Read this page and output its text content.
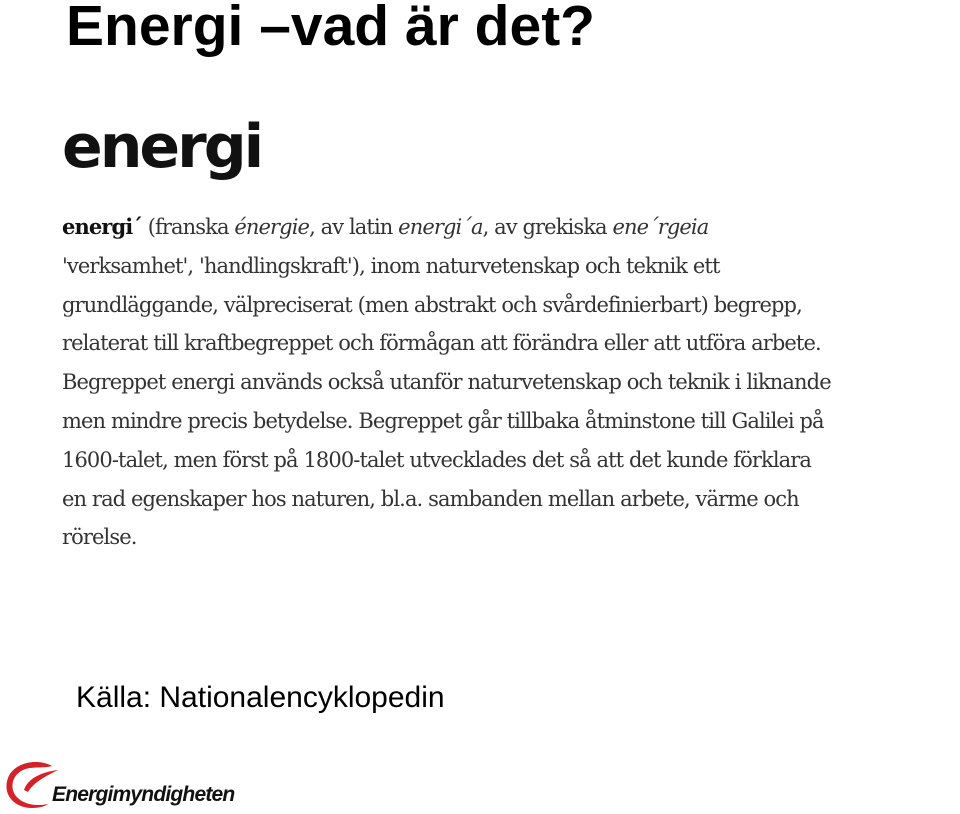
Energi –vad är det?
energi

energi´ (franska énergie, av latin energi´a, av grekiska ene´rgeia
'verksamhet', 'handlingskraft'), inom naturvetenskap och teknik ett
grundläggande, välpreciserat (men abstrakt och svårdefinierbart) begrepp,
relaterat till kraftbegreppet och förmågan att förändra eller att utföra arbete.
Begreppet energi används också utanför naturvetenskap och teknik i liknande
men mindre precis betydelse. Begreppet går tillbaka åtminstone till Galilei på
1600-talet, men först på 1800-talet utvecklades det så att det kunde förklara
en rad egenskaper hos naturen, bl.a. sambanden mellan arbete, värme och
rörelse.

Källa: Nationalencyklopedin
Energimyndigheten
